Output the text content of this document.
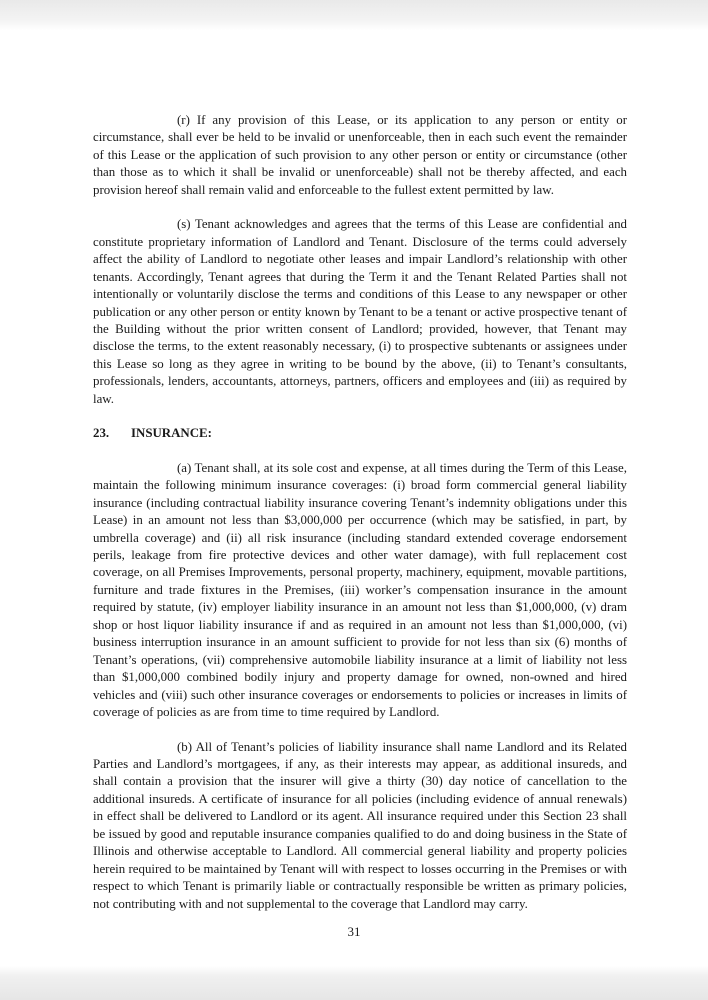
(r) If any provision of this Lease, or its application to any person or entity or circumstance, shall ever be held to be invalid or unenforceable, then in each such event the remainder of this Lease or the application of such provision to any other person or entity or circumstance (other than those as to which it shall be invalid or unenforceable) shall not be thereby affected, and each provision hereof shall remain valid and enforceable to the fullest extent permitted by law.

(s) Tenant acknowledges and agrees that the terms of this Lease are confidential and constitute proprietary information of Landlord and Tenant. Disclosure of the terms could adversely affect the ability of Landlord to negotiate other leases and impair Landlord’s relationship with other tenants. Accordingly, Tenant agrees that during the Term it and the Tenant Related Parties shall not intentionally or voluntarily disclose the terms and conditions of this Lease to any newspaper or other publication or any other person or entity known by Tenant to be a tenant or active prospective tenant of the Building without the prior written consent of Landlord; provided, however, that Tenant may disclose the terms, to the extent reasonably necessary, (i) to prospective subtenants or assignees under this Lease so long as they agree in writing to be bound by the above, (ii) to Tenant’s consultants, professionals, lenders, accountants, attorneys, partners, officers and employees and (iii) as required by law.

23.	INSURANCE:

(a) Tenant shall, at its sole cost and expense, at all times during the Term of this Lease, maintain the following minimum insurance coverages: (i) broad form commercial general liability insurance (including contractual liability insurance covering Tenant’s indemnity obligations under this Lease) in an amount not less than $3,000,000 per occurrence (which may be satisfied, in part, by umbrella coverage) and (ii) all risk insurance (including standard extended coverage endorsement perils, leakage from fire protective devices and other water damage), with full replacement cost coverage, on all Premises Improvements, personal property, machinery, equipment, movable partitions, furniture and trade fixtures in the Premises, (iii) worker’s compensation insurance in the amount required by statute, (iv) employer liability insurance in an amount not less than $1,000,000, (v) dram shop or host liquor liability insurance if and as required in an amount not less than $1,000,000, (vi) business interruption insurance in an amount sufficient to provide for not less than six (6) months of Tenant’s operations, (vii) comprehensive automobile liability insurance at a limit of liability not less than $1,000,000 combined bodily injury and property damage for owned, non-owned and hired vehicles and (viii) such other insurance coverages or endorsements to policies or increases in limits of coverage of policies as are from time to time required by Landlord.

(b) All of Tenant’s policies of liability insurance shall name Landlord and its Related Parties and Landlord’s mortgagees, if any, as their interests may appear, as additional insureds, and shall contain a provision that the insurer will give a thirty (30) day notice of cancellation to the additional insureds. A certificate of insurance for all policies (including evidence of annual renewals) in effect shall be delivered to Landlord or its agent. All insurance required under this Section 23 shall be issued by good and reputable insurance companies qualified to do and doing business in the State of Illinois and otherwise acceptable to Landlord. All commercial general liability and property policies herein required to be maintained by Tenant will with respect to losses occurring in the Premises or with respect to which Tenant is primarily liable or contractually responsible be written as primary policies, not contributing with and not supplemental to the coverage that Landlord may carry.

31
